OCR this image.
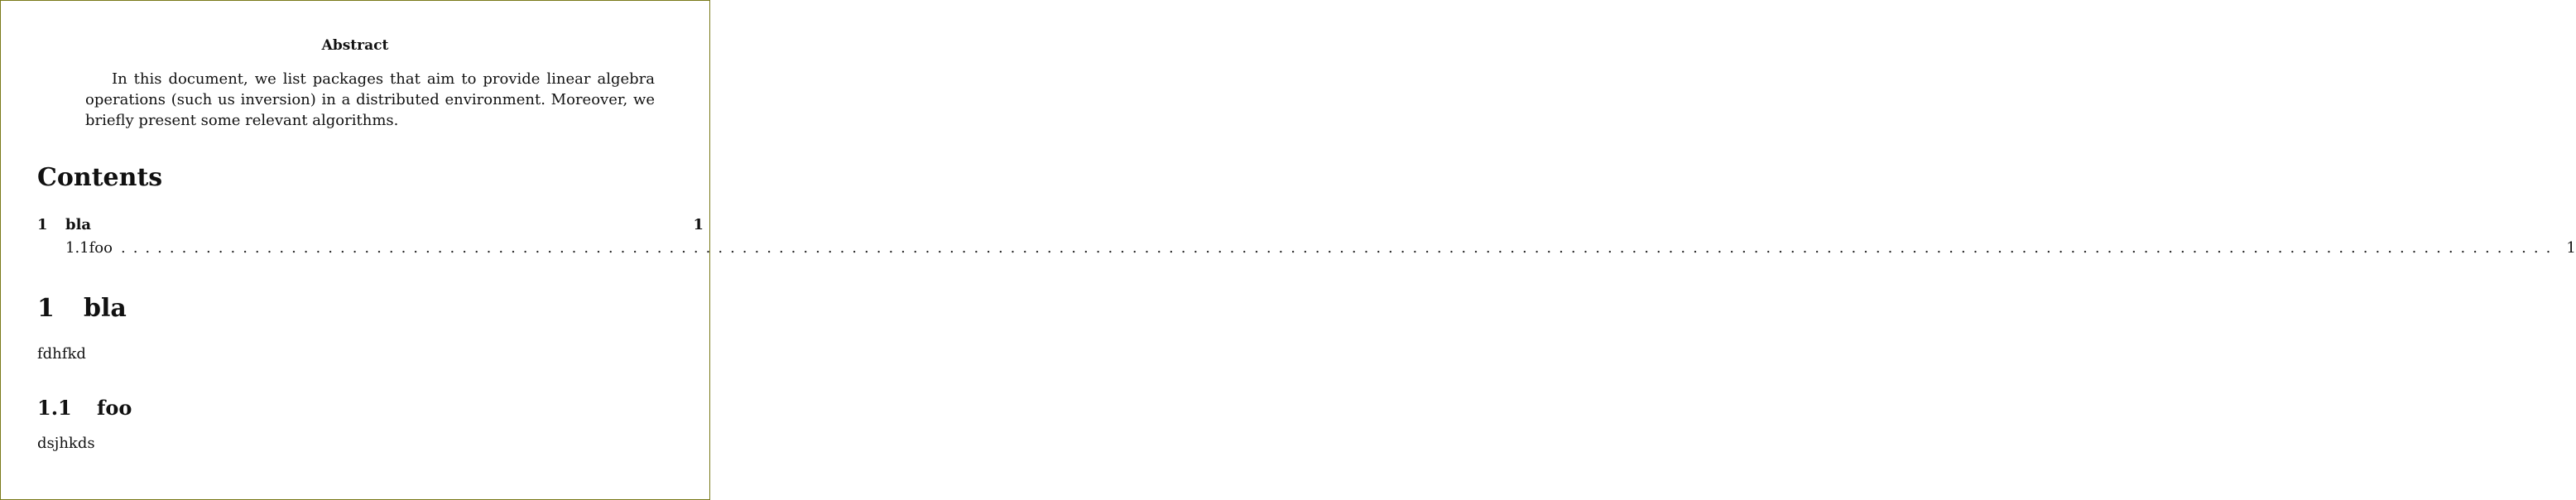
Abstract
In this document, we list packages that aim to provide linear algebra operations (such us inversion) in a distributed environment. Moreover, we briefly present some relevant algorithms.
Contents
1	bla	1
1.1 foo ........................................................................................................................................................................................................ 1
1 bla
fdhfkd
1.1 foo
dsjhkds
